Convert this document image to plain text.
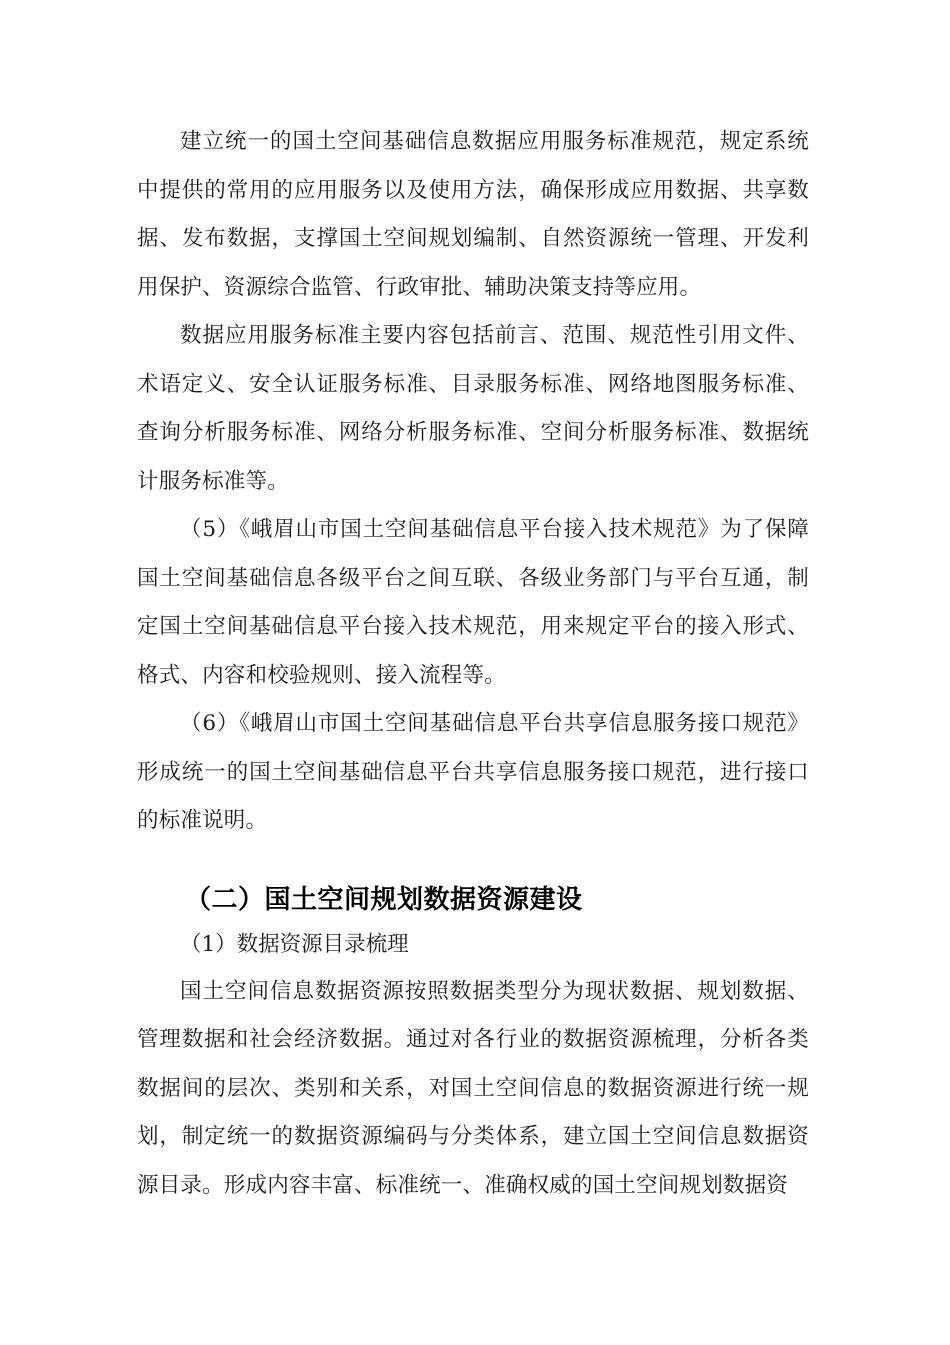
建立统一的国土空间基础信息数据应用服务标准规范，规定系统中提供的常用的应用服务以及使用方法，确保形成应用数据、共享数据、发布数据，支撑国土空间规划编制、自然资源统一管理、开发利用保护、资源综合监管、行政审批、辅助决策支持等应用。

数据应用服务标准主要内容包括前言、范围、规范性引用文件、术语定义、安全认证服务标准、目录服务标准、网络地图服务标准、查询分析服务标准、网络分析服务标准、空间分析服务标准、数据统计服务标准等。

（5）《峨眉山市国土空间基础信息平台接入技术规范》为了保障国土空间基础信息各级平台之间互联、各级业务部门与平台互通，制定国土空间基础信息平台接入技术规范，用来规定平台的接入形式、格式、内容和校验规则、接入流程等。

（6）《峨眉山市国土空间基础信息平台共享信息服务接口规范》形成统一的国土空间基础信息平台共享信息服务接口规范，进行接口的标准说明。

（二）国土空间规划数据资源建设

（1）数据资源目录梳理

国土空间信息数据资源按照数据类型分为现状数据、规划数据、管理数据和社会经济数据。通过对各行业的数据资源梳理，分析各类数据间的层次、类别和关系，对国土空间信息的数据资源进行统一规划，制定统一的数据资源编码与分类体系，建立国土空间信息数据资源目录。形成内容丰富、标准统一、准确权威的国土空间规划数据资
